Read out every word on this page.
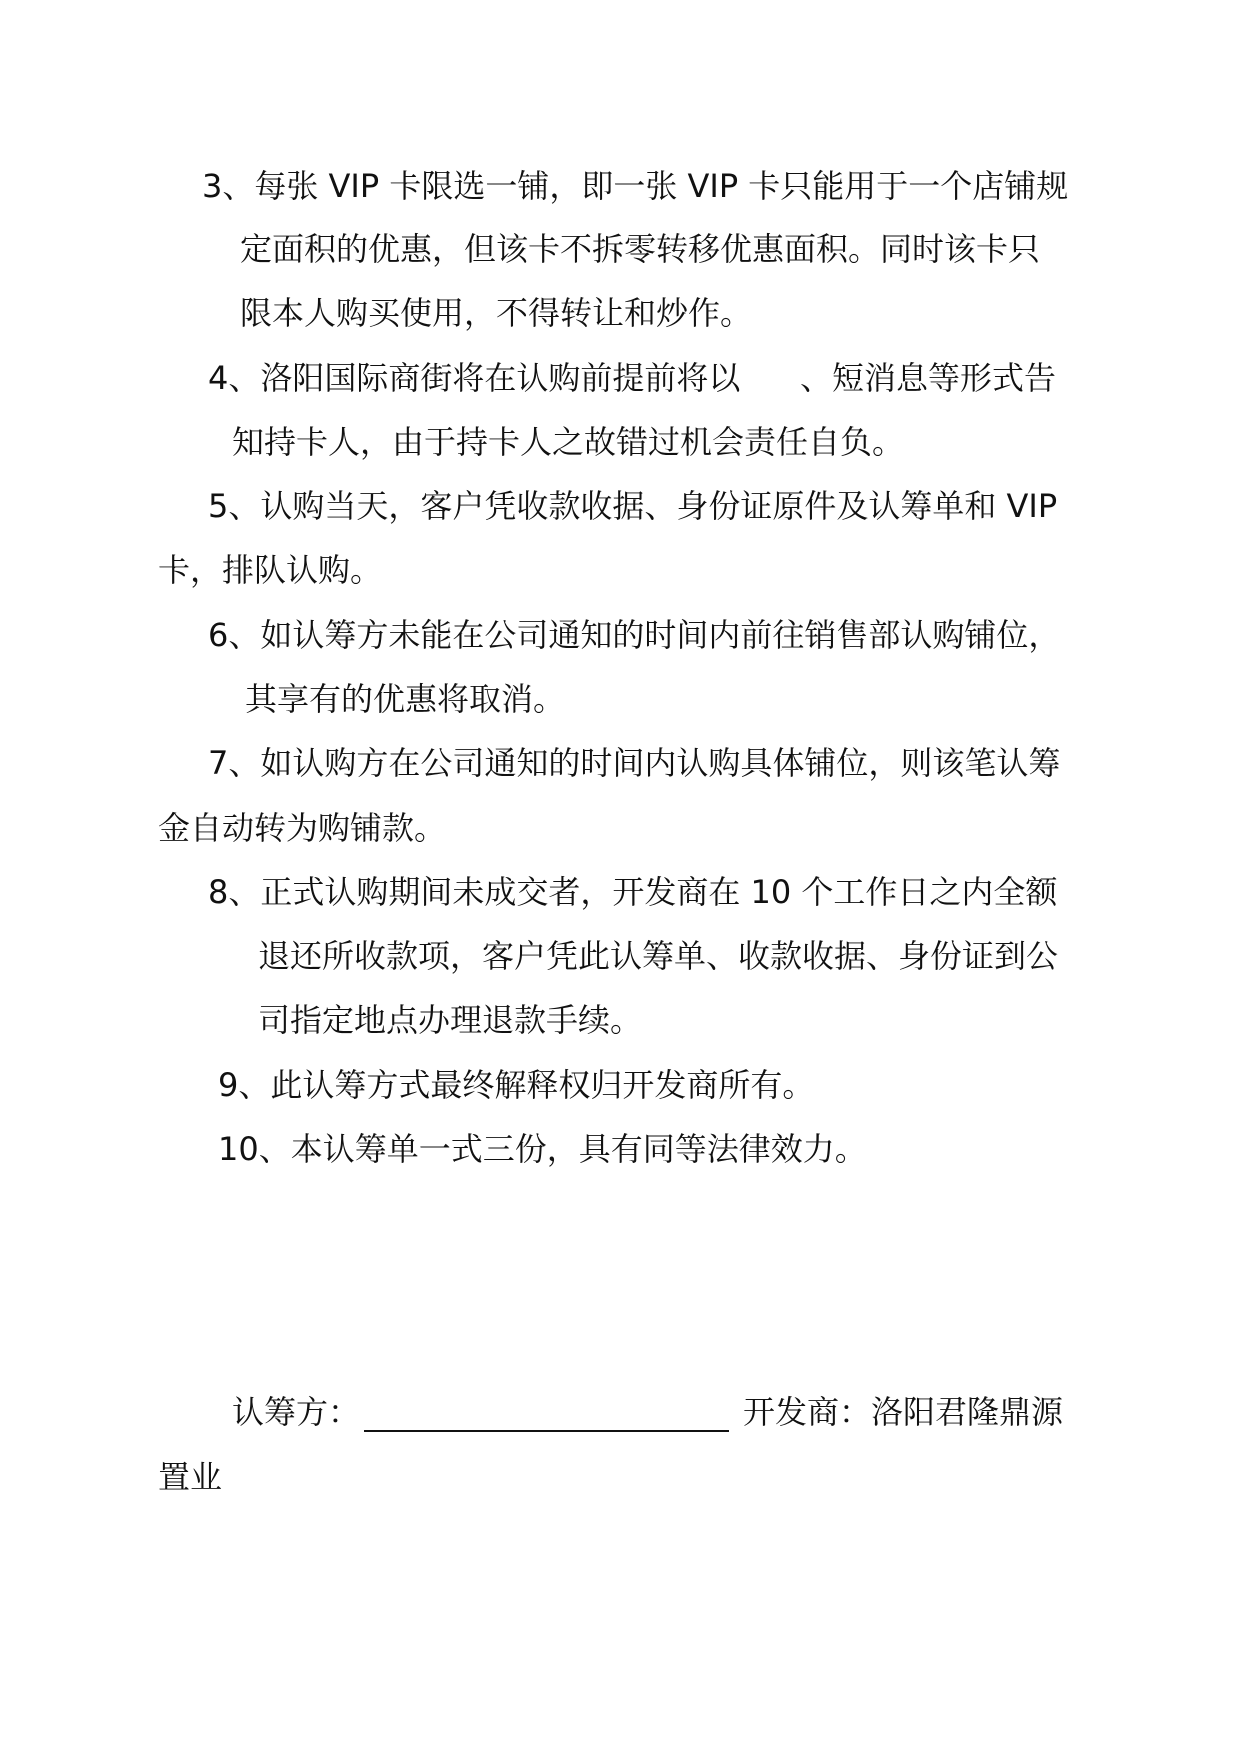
3、每张 VIP 卡限选一铺，即一张 VIP 卡只能用于一个店铺规
定面积的优惠，但该卡不拆零转移优惠面积。同时该卡只
限本人购买使用，不得转让和炒作。
4、洛阳国际商街将在认购前提前将以 、短消息等形式告
知持卡人，由于持卡人之故错过机会责任自负。
5、认购当天，客户凭收款收据、身份证原件及认筹单和 VIP
卡，排队认购。
6、如认筹方未能在公司通知的时间内前往销售部认购铺位，
其享有的优惠将取消。
7、如认购方在公司通知的时间内认购具体铺位，则该笔认筹
金自动转为购铺款。
8、正式认购期间未成交者，开发商在 10 个工作日之内全额
退还所收款项，客户凭此认筹单、收款收据、身份证到公
司指定地点办理退款手续。
9、此认筹方式最终解释权归开发商所有。
10、本认筹单一式三份，具有同等法律效力。
认筹方：	开发商：洛阳君隆鼎源
置业
